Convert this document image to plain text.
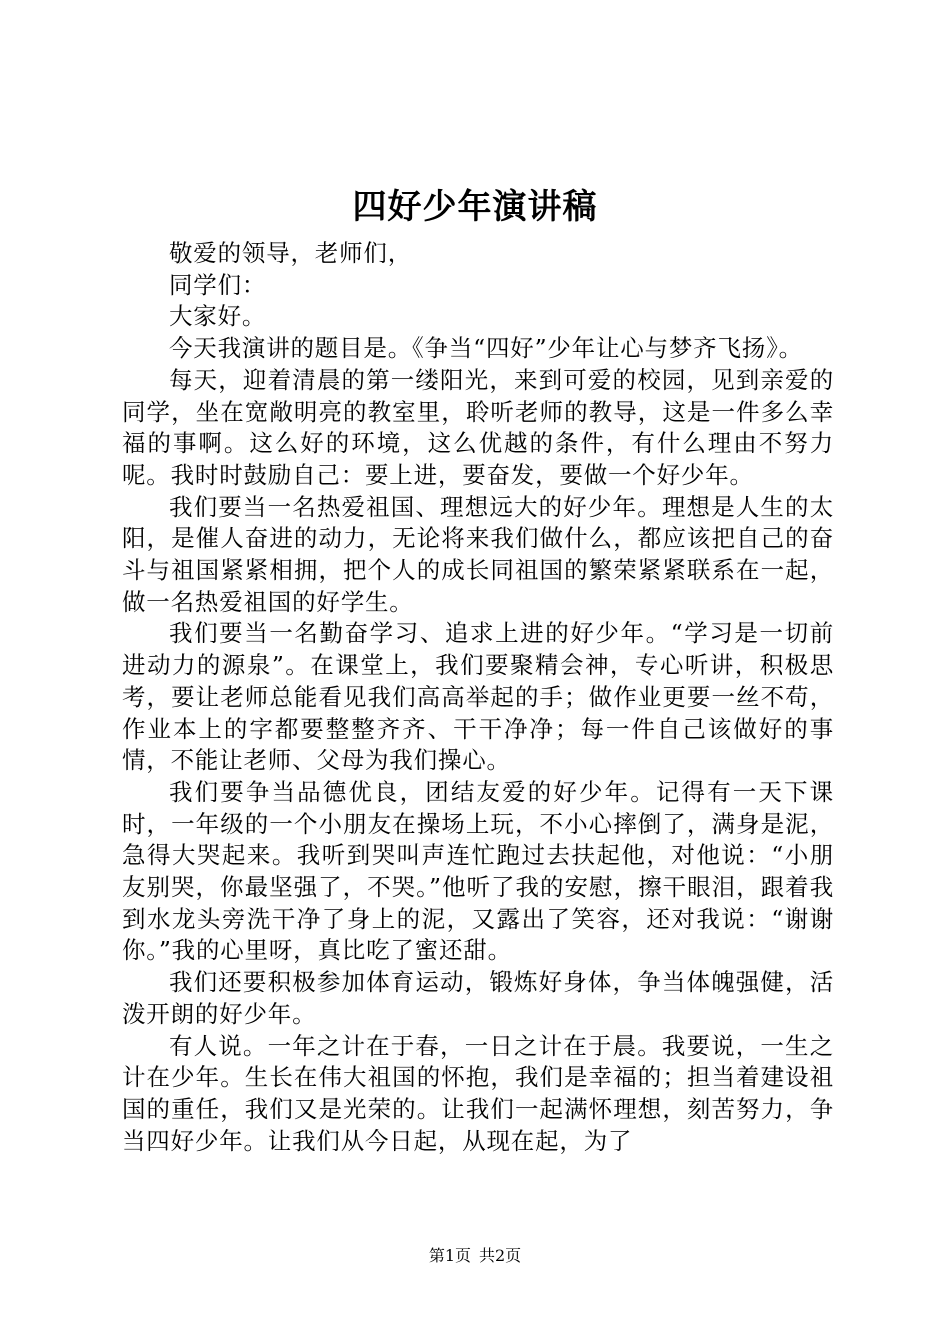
四好少年演讲稿

敬爱的领导，老师们，

同学们：

大家好。

今天我演讲的题目是。《争当“四好”少年让心与梦齐飞扬》。

每天，迎着清晨的第一缕阳光，来到可爱的校园，见到亲爱的同学，坐在宽敞明亮的教室里，聆听老师的教导，这是一件多么幸福的事啊。这么好的环境，这么优越的条件，有什么理由不努力呢。我时时鼓励自己：要上进，要奋发，要做一个好少年。

我们要当一名热爱祖国、理想远大的好少年。理想是人生的太阳，是催人奋进的动力，无论将来我们做什么，都应该把自己的奋斗与祖国紧紧相拥，把个人的成长同祖国的繁荣紧紧联系在一起，做一名热爱祖国的好学生。

我们要当一名勤奋学习、追求上进的好少年。“学习是一切前进动力的源泉”。在课堂上，我们要聚精会神，专心听讲，积极思考，要让老师总能看见我们高高举起的手；做作业更要一丝不苟，作业本上的字都要整整齐齐、干干净净；每一件自己该做好的事情，不能让老师、父母为我们操心。

我们要争当品德优良，团结友爱的好少年。记得有一天下课时，一年级的一个小朋友在操场上玩，不小心摔倒了，满身是泥，急得大哭起来。我听到哭叫声连忙跑过去扶起他，对他说：“小朋友别哭，你最坚强了，不哭。”他听了我的安慰，擦干眼泪，跟着我到水龙头旁洗干净了身上的泥，又露出了笑容，还对我说：“谢谢你。”我的心里呀，真比吃了蜜还甜。

我们还要积极参加体育运动，锻炼好身体，争当体魄强健，活泼开朗的好少年。

有人说。一年之计在于春，一日之计在于晨。我要说，一生之计在少年。生长在伟大祖国的怀抱，我们是幸福的；担当着建设祖国的重任，我们又是光荣的。让我们一起满怀理想，刻苦努力，争当四好少年。让我们从今日起，从现在起，为了

第1页 共2页
